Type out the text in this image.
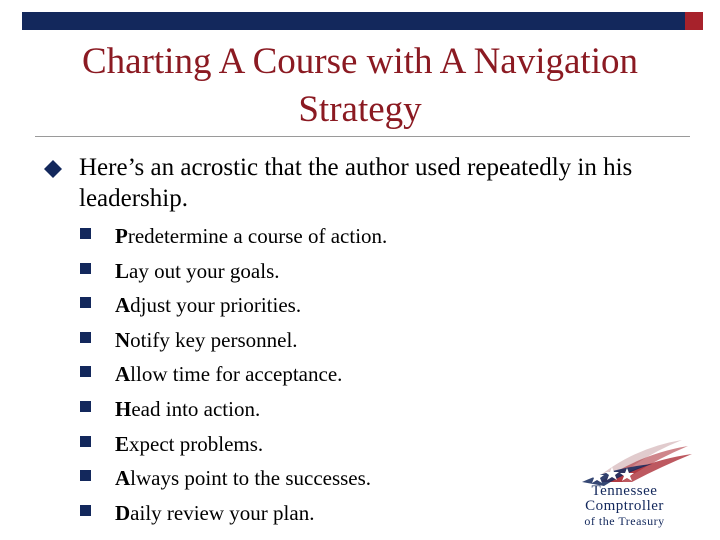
Charting A Course with A Navigation Strategy
Here’s an acrostic that the author used repeatedly in his leadership.
Predetermine a course of action.
Lay out your goals.
Adjust your priorities.
Notify key personnel.
Allow time for acceptance.
Head into action.
Expect problems.
Always point to the successes.
Daily review your plan.
Tennessee
Comptroller
of the Treasury
